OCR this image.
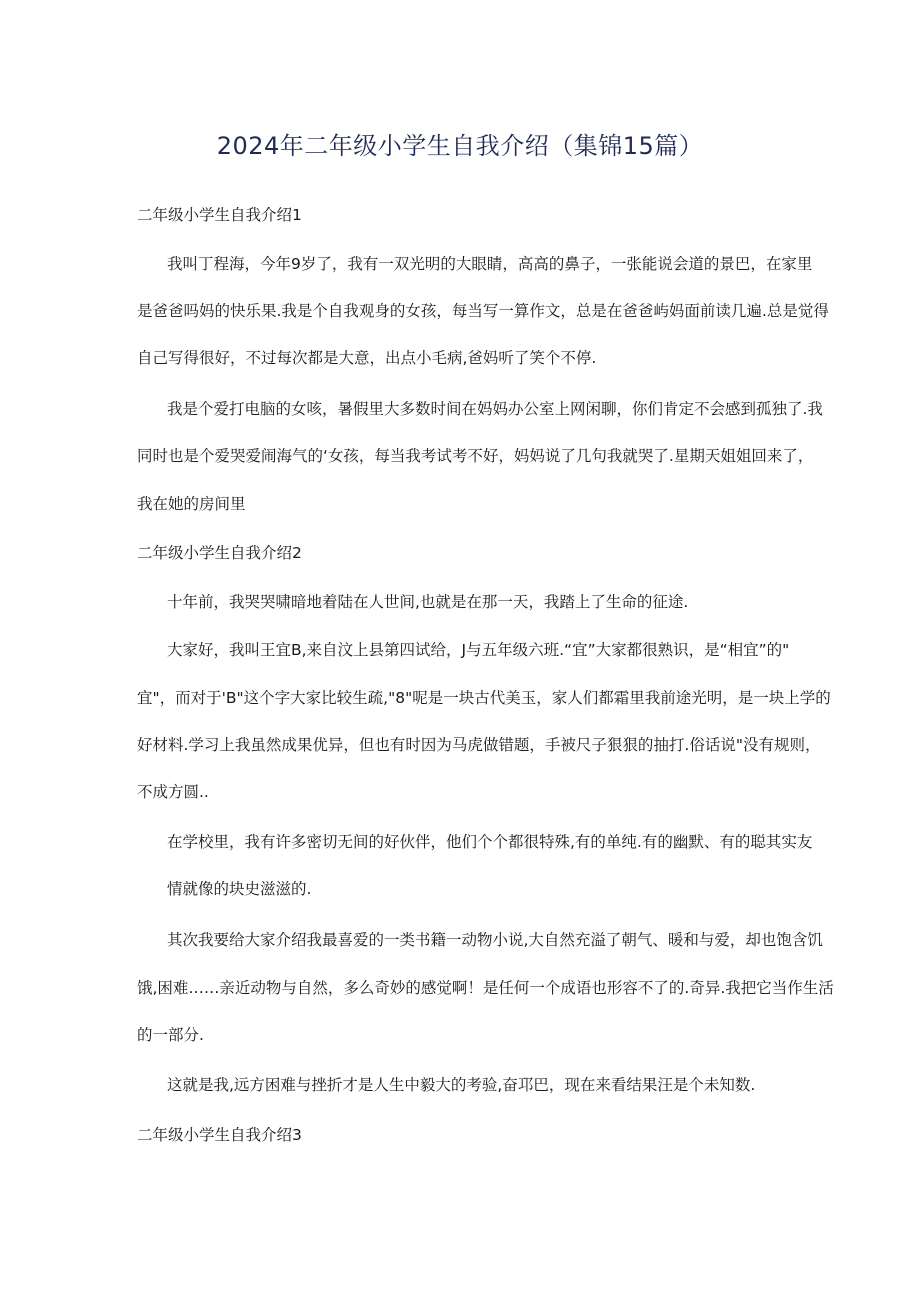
2024年二年级小学生自我介绍（集锦15篇）
二年级小学生自我介绍1
我叫丁程海，今年9岁了，我有一双光明的大眼睛，高高的鼻子，一张能说会道的景巴，在家里
是爸爸吗妈的快乐果.我是个自我观身的女孩，每当写一算作文，总是在爸爸屿妈面前读几遍.总是觉得
自己写得很好，不过每次都是大意，出点小毛病,爸妈听了笑个不停.
我是个爱打电脑的女咳，暑假里大多数时间在妈妈办公室上网闲聊，你们肯定不会感到孤独了.我
同时也是个爱哭爱闹海气的‘女孩，每当我考试考不好，妈妈说了几句我就哭了.星期天姐姐回来了，
我在她的房间里
二年级小学生自我介绍2
十年前，我哭哭啸暗地着陆在人世间,也就是在那一天，我踏上了生命的征途.
大家好，我叫王宜B,来自汶上县第四试给，J与五年级六班.“宜”大家都很熟识，是“相宜”的"
宜"，而对于'B"这个字大家比较生疏,"8"呢是一块古代美玉，家人们都霜里我前途光明，是一块上学的
好材料.学习上我虽然成果优异，但也有时因为马虎做错题，手被尺子狠狠的抽打.俗话说"没有规则，
不成方圆..
在学校里，我有许多密切无间的好伙伴，他们个个都很特殊,有的单纯.有的幽默、有的聪其实友
情就像的块史滋滋的.
其次我要给大家介绍我最喜爱的一类书籍一动物小说,大自然充溢了朝气、暖和与爱，却也饱含饥
饿,困难……亲近动物与自然，多么奇妙的感觉啊！是任何一个成语也形容不了的.奇异.我把它当作生活
的一部分.
这就是我,远方困难与挫折才是人生中毅大的考验,奋邛巴，现在来看结果汪是个未知数.
二年级小学生自我介绍3
